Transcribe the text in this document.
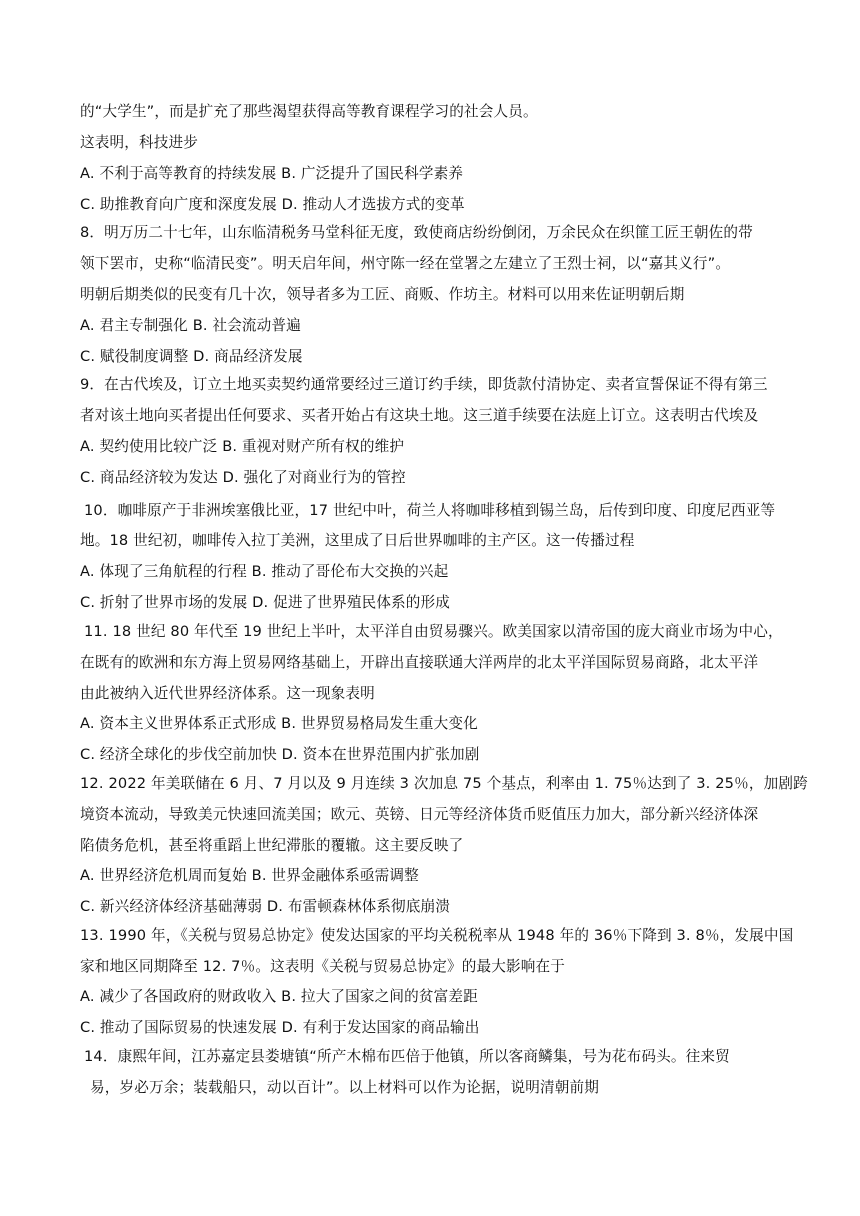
的“大学生”，而是扩充了那些渴望获得高等教育课程学习的社会人员。
这表明，科技进步
A. 不利于高等教育的持续发展 B. 广泛提升了国民科学素养
C. 助推教育向广度和深度发展 D. 推动人才选拔方式的变革
8．明万历二十七年，山东临清税务马堂科征无度，致使商店纷纷倒闭，万余民众在织篚工匠王朝佐的带
领下罢市，史称“临清民变”。明天启年间，州守陈一经在堂署之左建立了王烈士祠，以“嘉其义行”。
明朝后期类似的民变有几十次，领导者多为工匠、商贩、作坊主。材料可以用来佐证明朝后期
A. 君主专制强化 B. 社会流动普遍
C. 赋役制度调整 D. 商品经济发展
9．在古代埃及，订立土地买卖契约通常要经过三道订约手续，即货款付清协定、卖者宣誓保证不得有第三
者对该土地向买者提出任何要求、买者开始占有这块土地。这三道手续要在法庭上订立。这表明古代埃及
A. 契约使用比较广泛 B. 重视对财产所有权的维护
C. 商品经济较为发达 D. 强化了对商业行为的管控
10．咖啡原产于非洲埃塞俄比亚，17 世纪中叶，荷兰人将咖啡移植到锡兰岛，后传到印度、印度尼西亚等
地。18 世纪初，咖啡传入拉丁美洲，这里成了日后世界咖啡的主产区。这一传播过程
A. 体现了三角航程的行程 B. 推动了哥伦布大交换的兴起
C. 折射了世界市场的发展 D. 促进了世界殖民体系的形成
11. 18 世纪 80 年代至 19 世纪上半叶，太平洋自由贸易骤兴。欧美国家以清帝国的庞大商业市场为中心，
在既有的欧洲和东方海上贸易网络基础上，开辟出直接联通大洋两岸的北太平洋国际贸易商路，北太平洋
由此被纳入近代世界经济体系。这一现象表明
A. 资本主义世界体系正式形成 B. 世界贸易格局发生重大变化
C. 经济全球化的步伐空前加快 D. 资本在世界范围内扩张加剧
12. 2022 年美联储在 6 月、7 月以及 9 月连续 3 次加息 75 个基点，利率由 1. 75％达到了 3. 25％，加剧跨
境资本流动，导致美元快速回流美国；欧元、英镑、日元等经济体货币贬值压力加大，部分新兴经济体深
陷债务危机，甚至将重蹈上世纪滞胀的覆辙。这主要反映了
A. 世界经济危机周而复始 B. 世界金融体系亟需调整
C. 新兴经济体经济基础薄弱 D. 布雷顿森林体系彻底崩溃
13. 1990 年，《关税与贸易总协定》使发达国家的平均关税税率从 1948 年的 36％下降到 3. 8％，发展中国
家和地区同期降至 12. 7％。这表明《关税与贸易总协定》的最大影响在于
A. 减少了各国政府的财政收入 B. 拉大了国家之间的贫富差距
C. 推动了国际贸易的快速发展 D. 有利于发达国家的商品输出
14．康熙年间，江苏嘉定县娄塘镇“所产木棉布匹倍于他镇，所以客商鳞集，号为花布码头。往来贸
易，岁必万余；装载船只，动以百计”。以上材料可以作为论据，说明清朝前期
